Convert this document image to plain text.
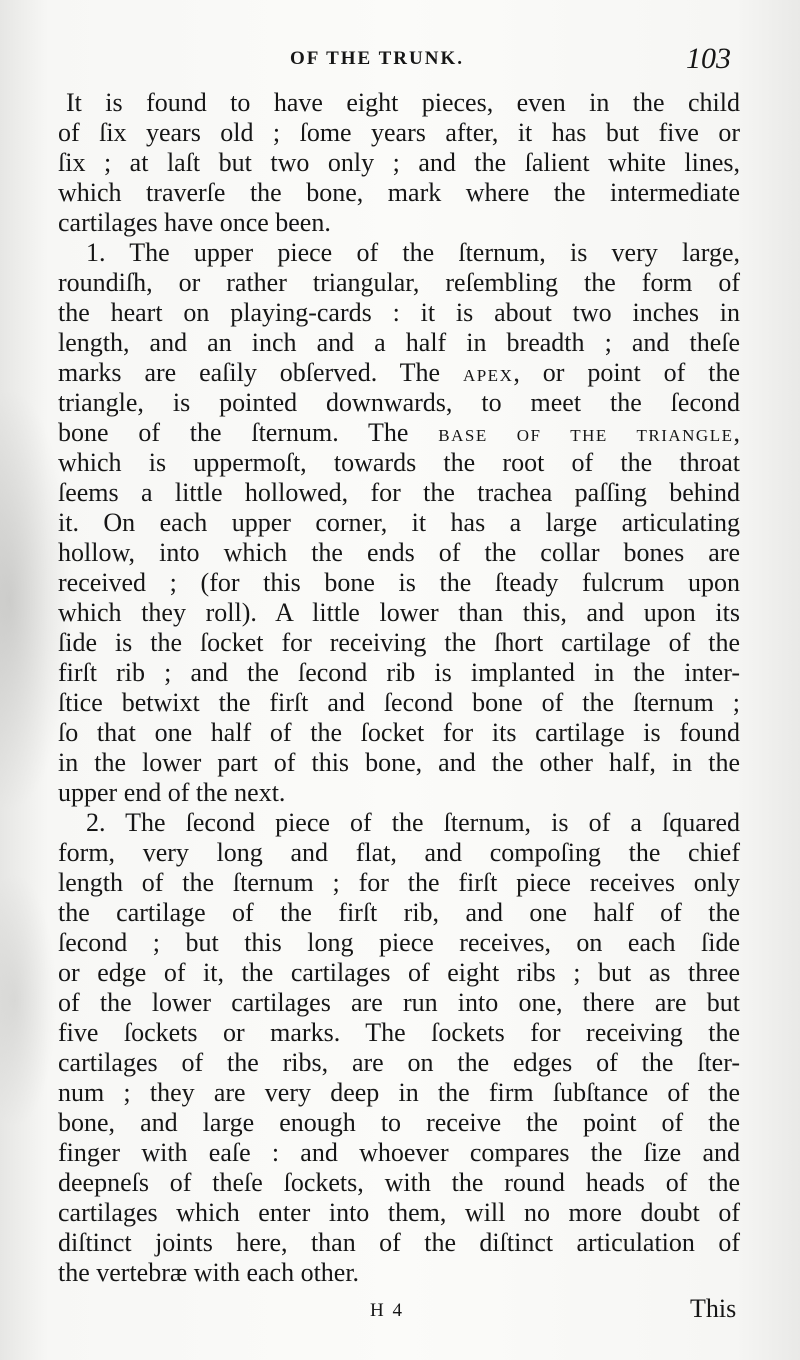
OF THE TRUNK.	103
It is found to have eight pieces, even in the child
of ſix years old ; ſome years after, it has but five or
ſix ; at laſt but two only ; and the ſalient white lines,
which traverſe the bone, mark where the intermediate
cartilages have once been.
1. The upper piece of the ſternum, is very large,
roundiſh, or rather triangular, reſembling the form of
the heart on playing-cards : it is about two inches in
length, and an inch and a half in breadth ; and theſe
marks are eaſily obſerved. The APEX, or point of the
triangle, is pointed downwards, to meet the ſecond
bone of the ſternum. The BASE OF THE TRIANGLE,
which is uppermoſt, towards the root of the throat
ſeems a little hollowed, for the trachea paſſing behind
it. On each upper corner, it has a large articulating
hollow, into which the ends of the collar bones are
received ; (for this bone is the ſteady fulcrum upon
which they roll). A little lower than this, and upon its
ſide is the ſocket for receiving the ſhort cartilage of the
firſt rib ; and the ſecond rib is implanted in the inter-
ſtice betwixt the firſt and ſecond bone of the ſternum ;
ſo that one half of the ſocket for its cartilage is found
in the lower part of this bone, and the other half, in the
upper end of the next.
2. The ſecond piece of the ſternum, is of a ſquared
form, very long and flat, and compoſing the chief
length of the ſternum ; for the firſt piece receives only
the cartilage of the firſt rib, and one half of the
ſecond ; but this long piece receives, on each ſide
or edge of it, the cartilages of eight ribs ; but as three
of the lower cartilages are run into one, there are but
five ſockets or marks. The ſockets for receiving the
cartilages of the ribs, are on the edges of the ſter-
num ; they are very deep in the firm ſubſtance of the
bone, and large enough to receive the point of the
finger with eaſe : and whoever compares the ſize and
deepneſs of theſe ſockets, with the round heads of the
cartilages which enter into them, will no more doubt of
diſtinct joints here, than of the diſtinct articulation of
the vertebræ with each other.
H 4	This
